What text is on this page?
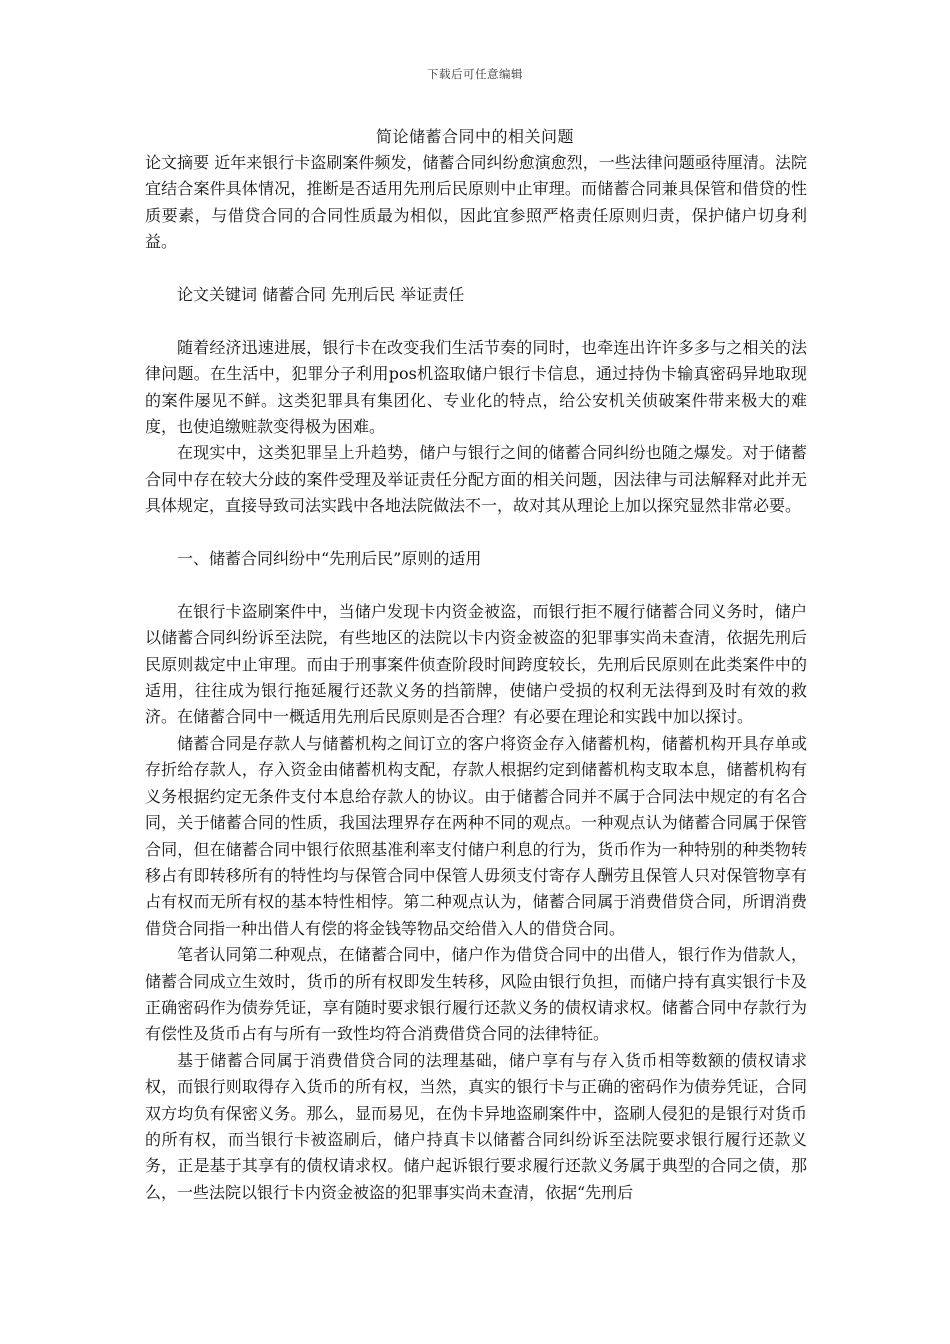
下载后可任意编辑
简论储蓄合同中的相关问题

论文摘要 近年来银行卡盗刷案件频发，储蓄合同纠纷愈演愈烈，一些法律问题亟待厘清。法院宜结合案件具体情况，推断是否适用先刑后民原则中止审理。而储蓄合同兼具保管和借贷的性质要素，与借贷合同的合同性质最为相似，因此宜参照严格责任原则归责，保护储户切身利益。

论文关键词 储蓄合同 先刑后民 举证责任

随着经济迅速进展，银行卡在改变我们生活节奏的同时，也牵连出许许多多与之相关的法律问题。在生活中，犯罪分子利用pos机盗取储户银行卡信息，通过持伪卡输真密码异地取现的案件屡见不鲜。这类犯罪具有集团化、专业化的特点，给公安机关侦破案件带来极大的难度，也使追缴赃款变得极为困难。

在现实中，这类犯罪呈上升趋势，储户与银行之间的储蓄合同纠纷也随之爆发。对于储蓄合同中存在较大分歧的案件受理及举证责任分配方面的相关问题，因法律与司法解释对此并无具体规定，直接导致司法实践中各地法院做法不一，故对其从理论上加以探究显然非常必要。

一、储蓄合同纠纷中“先刑后民”原则的适用

在银行卡盗刷案件中，当储户发现卡内资金被盗，而银行拒不履行储蓄合同义务时，储户以储蓄合同纠纷诉至法院，有些地区的法院以卡内资金被盗的犯罪事实尚未查清，依据先刑后民原则裁定中止审理。而由于刑事案件侦查阶段时间跨度较长，先刑后民原则在此类案件中的适用，往往成为银行拖延履行还款义务的挡箭牌，使储户受损的权利无法得到及时有效的救济。在储蓄合同中一概适用先刑后民原则是否合理？有必要在理论和实践中加以探讨。

储蓄合同是存款人与储蓄机构之间订立的客户将资金存入储蓄机构，储蓄机构开具存单或存折给存款人，存入资金由储蓄机构支配，存款人根据约定到储蓄机构支取本息，储蓄机构有义务根据约定无条件支付本息给存款人的协议。由于储蓄合同并不属于合同法中规定的有名合同，关于储蓄合同的性质，我国法理界存在两种不同的观点。一种观点认为储蓄合同属于保管合同，但在储蓄合同中银行依照基准利率支付储户利息的行为，货币作为一种特别的种类物转移占有即转移所有的特性均与保管合同中保管人毋须支付寄存人酬劳且保管人只对保管物享有占有权而无所有权的基本特性相悖。第二种观点认为，储蓄合同属于消费借贷合同，所谓消费借贷合同指一种出借人有偿的将金钱等物品交给借入人的借贷合同。

笔者认同第二种观点，在储蓄合同中，储户作为借贷合同中的出借人，银行作为借款人，储蓄合同成立生效时，货币的所有权即发生转移，风险由银行负担，而储户持有真实银行卡及正确密码作为债券凭证，享有随时要求银行履行还款义务的债权请求权。储蓄合同中存款行为有偿性及货币占有与所有一致性均符合消费借贷合同的法律特征。

基于储蓄合同属于消费借贷合同的法理基础，储户享有与存入货币相等数额的债权请求权，而银行则取得存入货币的所有权，当然，真实的银行卡与正确的密码作为债券凭证，合同双方均负有保密义务。那么，显而易见，在伪卡异地盗刷案件中，盗刷人侵犯的是银行对货币的所有权，而当银行卡被盗刷后，储户持真卡以储蓄合同纠纷诉至法院要求银行履行还款义务，正是基于其享有的债权请求权。储户起诉银行要求履行还款义务属于典型的合同之债，那么，一些法院以银行卡内资金被盗的犯罪事实尚未查清，依据“先刑后
